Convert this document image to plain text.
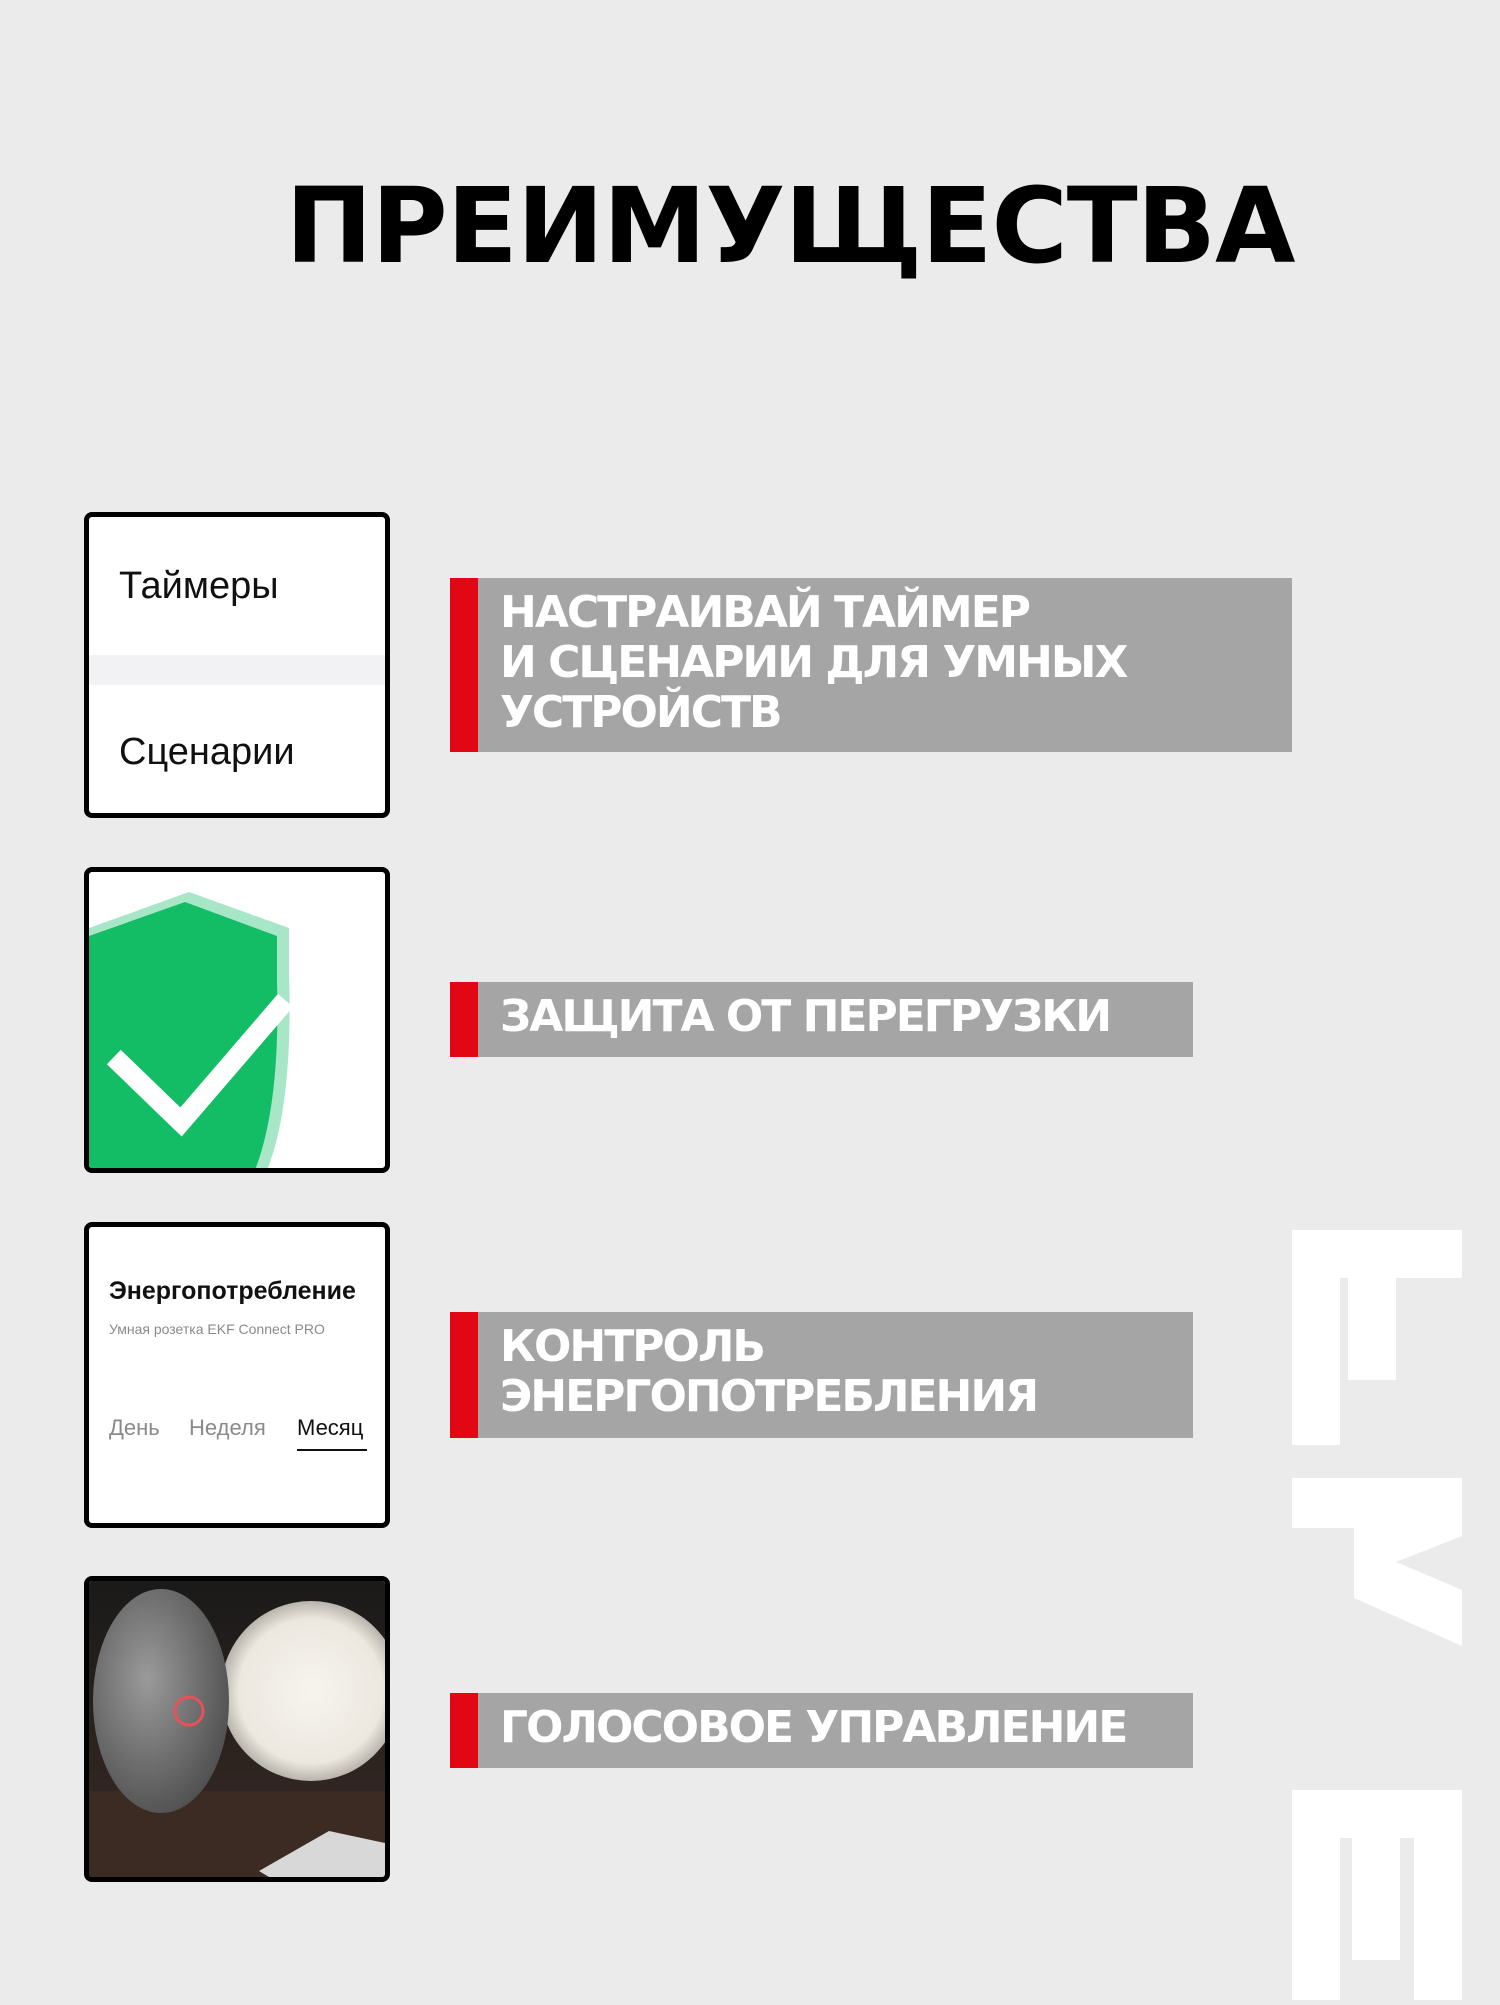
ПРЕИМУЩЕСТВА
Таймеры
Сценарии
НАСТРАИВАЙ ТАЙМЕР
И СЦЕНАРИИ ДЛЯ УМНЫХ
УСТРОЙСТВ
ЗАЩИТА ОТ ПЕРЕГРУЗКИ
Энергопотребление
Умная розетка EKF Connect PRO
День Неделя Месяц
КОНТРОЛЬ
ЭНЕРГОПОТРЕБЛЕНИЯ
ГОЛОСОВОЕ УПРАВЛЕНИЕ
